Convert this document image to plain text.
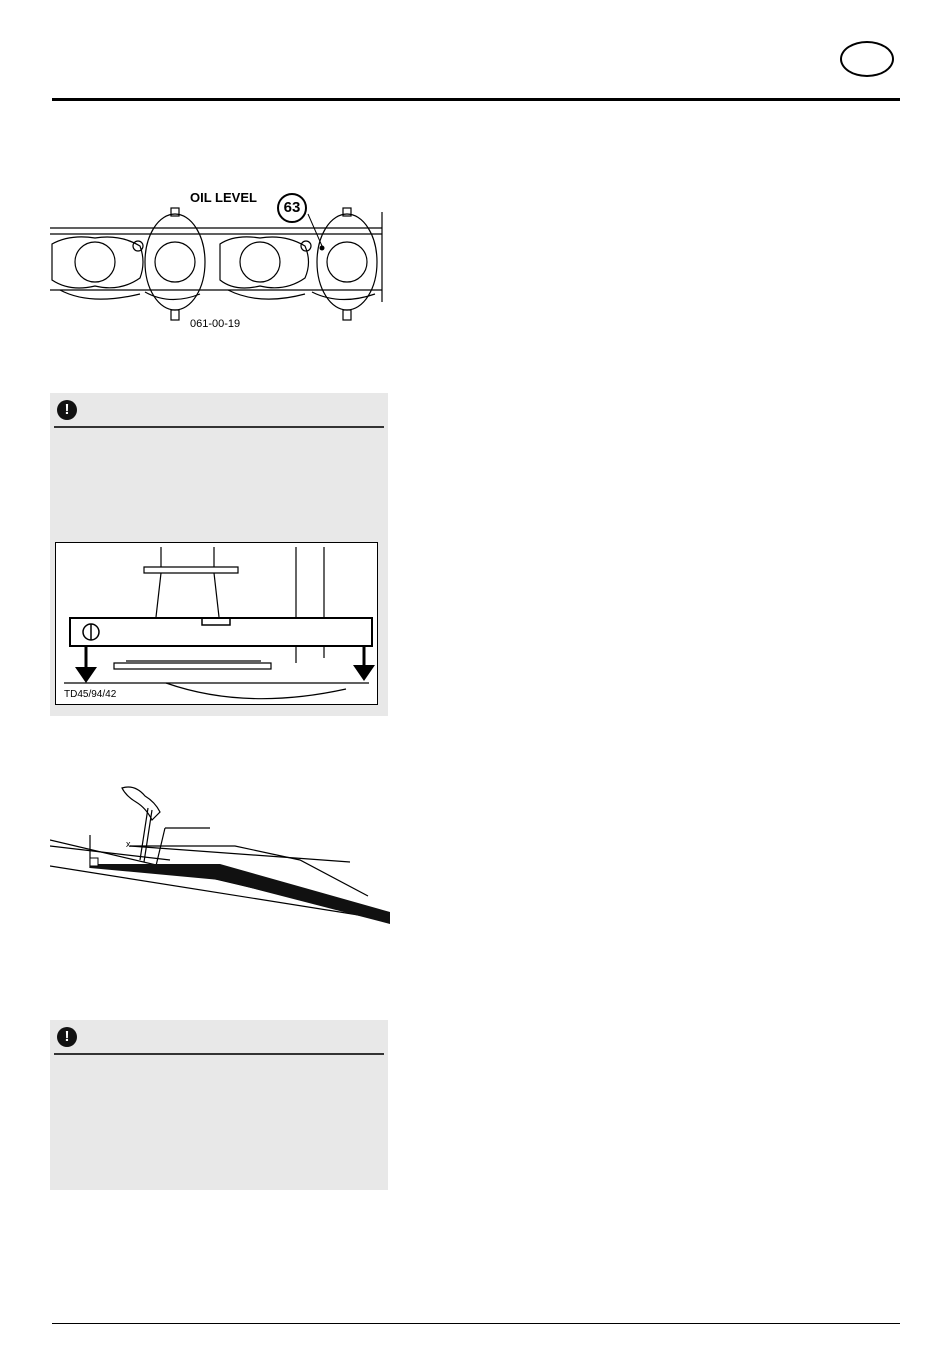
OIL LEVEL
63
061-00-19
!
TD45/94/42
x
!
